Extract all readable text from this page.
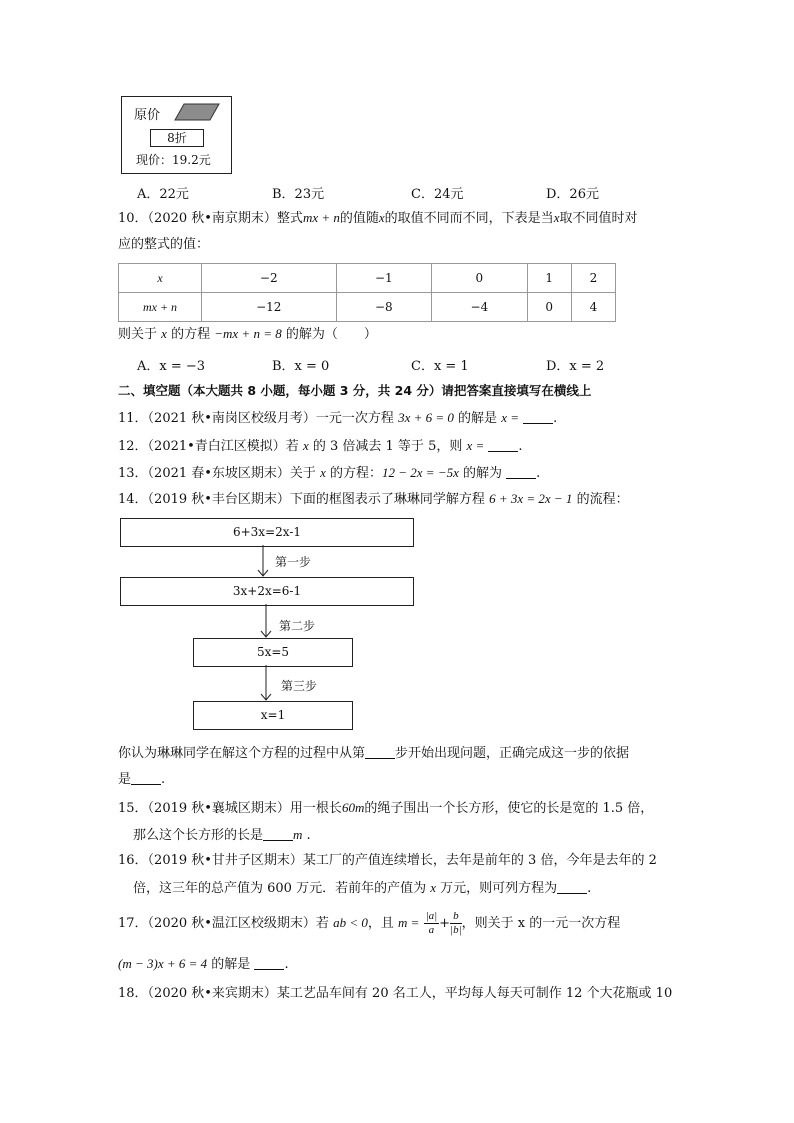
原价
8折
现价：19.2元
A．22元	B．23元	C．24元	D．26元
10．（2020 秋•南京期末）整式mx + n的值随x的取值不同而不同，下表是当x取不同值时对
应的整式的值：
x	−2	−1	0	1	2
mx + n	−12	−8	−4	0	4
则关于 x 的方程 −mx + n = 8 的解为（　　）
A．x = −3	B．x = 0	C．x = 1	D．x = 2
二、填空题（本大题共 8 小题，每小题 3 分，共 24 分）请把答案直接填写在横线上
11．（2021 秋•南岗区校级月考）一元一次方程 3x + 6 = 0 的解是 x =	.
12．（2021•青白江区模拟）若 x 的 3 倍减去 1 等于 5，则 x =	.
13．（2021 春•东坡区期末）关于 x 的方程：12 − 2x = −5x 的解为	.
14．（2019 秋•丰台区期末）下面的框图表示了琳琳同学解方程 6 + 3x = 2x − 1 的流程：
6+3x=2x-1
3x+2x=6-1
5x=5
x=1
第一步
第二步
第三步
你认为琳琳同学在解这个方程的过程中从第 步开始出现问题，正确完成这一步的依据
是 .
15．（2019 秋•襄城区期末）用一根长60m的绳子围出一个长方形，使它的长是宽的 1.5 倍，
那么这个长方形的长是 m .
16．（2019 秋•甘井子区期末）某工厂的产值连续增长，去年是前年的 3 倍，今年是去年的 2
倍，这三年的总产值为 600 万元．若前年的产值为 x 万元，则可列方程为 .
17．（2020 秋•温江区校级期末）若 ab < 0，且 $m = \frac{|a|}{a} + \frac{b}{|b|}$ ，则关于 x 的一元一次方程
(m − 3)x + 6 = 4 的解是	.
18．（2020 秋•来宾期末）某工艺品车间有 20 名工人，平均每人每天可制作 12 个大花瓶或 10
